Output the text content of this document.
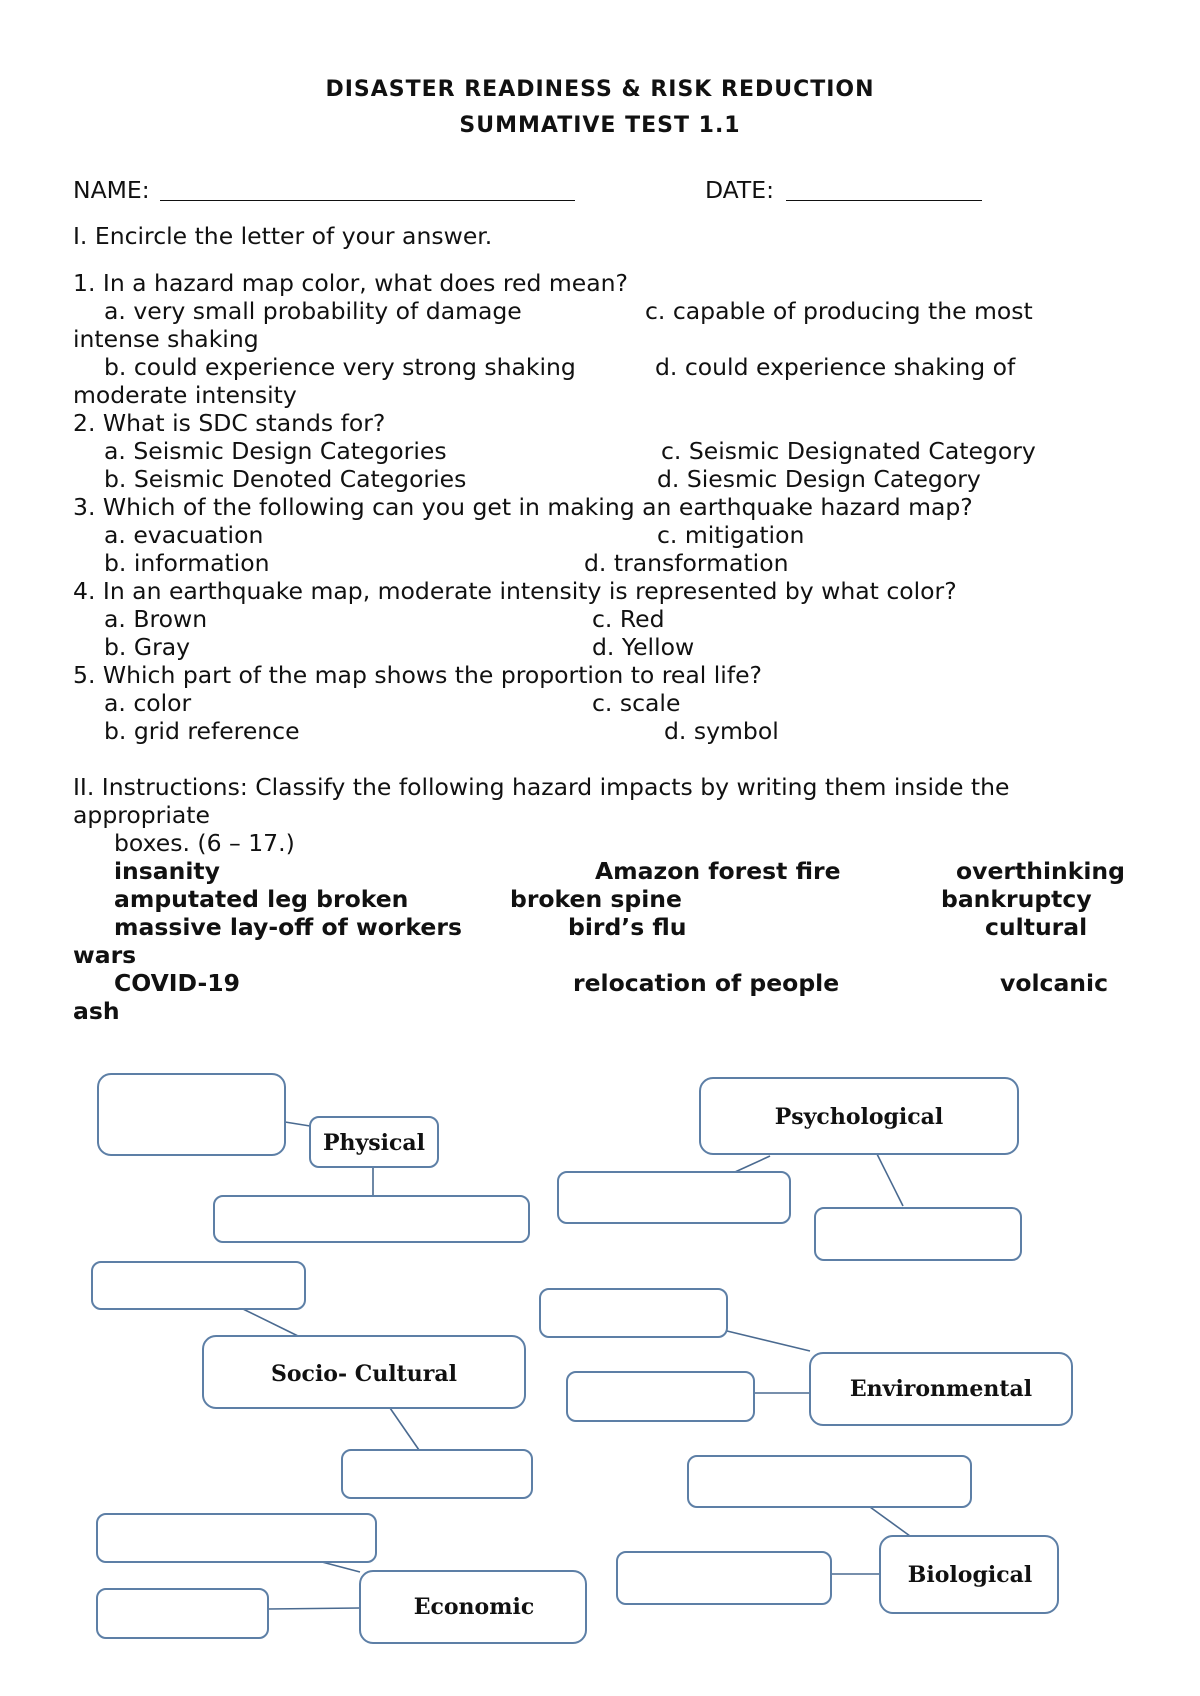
DISASTER READINESS & RISK REDUCTION
SUMMATIVE TEST 1.1
NAME:	DATE:
I. Encircle the letter of your answer.
1. In a hazard map color, what does red mean?
a. very small probability of damage	c. capable of producing the most
intense shaking
b. could experience very strong shaking	d. could experience shaking of
moderate intensity
2. What is SDC stands for?
a. Seismic Design Categories	c. Seismic Designated Category
b. Seismic Denoted Categories	d. Siesmic Design Category
3. Which of the following can you get in making an earthquake hazard map?
a. evacuation	c. mitigation
b. information	d. transformation
4. In an earthquake map, moderate intensity is represented by what color?
a. Brown	c. Red
b. Gray	d. Yellow
5. Which part of the map shows the proportion to real life?
a. color	c. scale
b. grid reference	d. symbol
II. Instructions: Classify the following hazard impacts by writing them inside the
appropriate
boxes. (6 – 17.)
insanity	Amazon forest fire	overthinking
amputated leg broken	broken spine	bankruptcy
massive lay-off of workers	bird’s flu	cultural
wars
COVID-19	relocation of people	volcanic
ash
Physical
Psychological
Socio- Cultural
Environmental
Economic
Biological
